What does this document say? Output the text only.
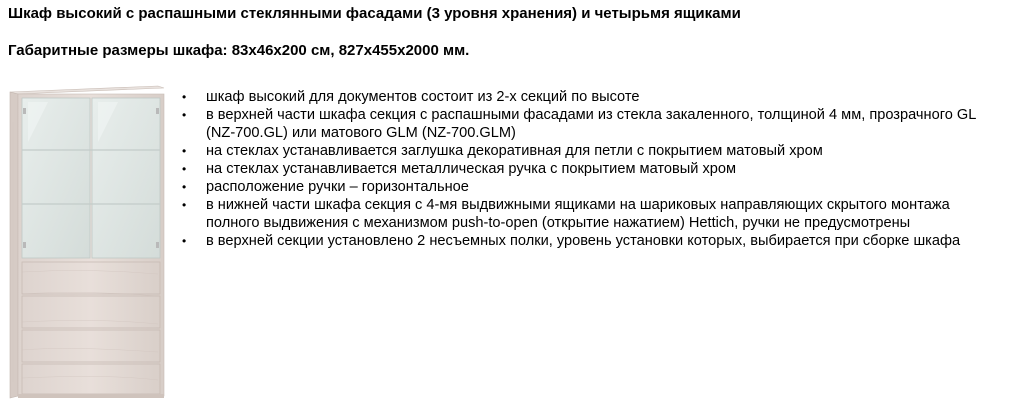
Шкаф высокий с распашными стеклянными фасадами (3 уровня хранения) и четырьмя ящиками
Габаритные размеры шкафа: 83х46х200 см, 827х455х2000 мм.
• шкаф высокий для документов состоит из 2-х секций по высоте
• в верхней части шкафа секция с распашными фасадами из стекла закаленного, толщиной 4 мм, прозрачного GL (NZ-700.GL) или матового GLM (NZ-700.GLM)
• на стеклах устанавливается заглушка декоративная для петли с покрытием матовый хром
• на стеклах устанавливается металлическая ручка с покрытием матовый хром
• расположение ручки – горизонтальное
• в нижней части шкафа секция с 4-мя выдвижными ящиками на шариковых направляющих скрытого монтажа полного выдвижения с механизмом push-to-open (открытие нажатием) Hettich, ручки не предусмотрены
• в верхней секции установлено 2 несъемных полки, уровень установки которых, выбирается при сборке шкафа
